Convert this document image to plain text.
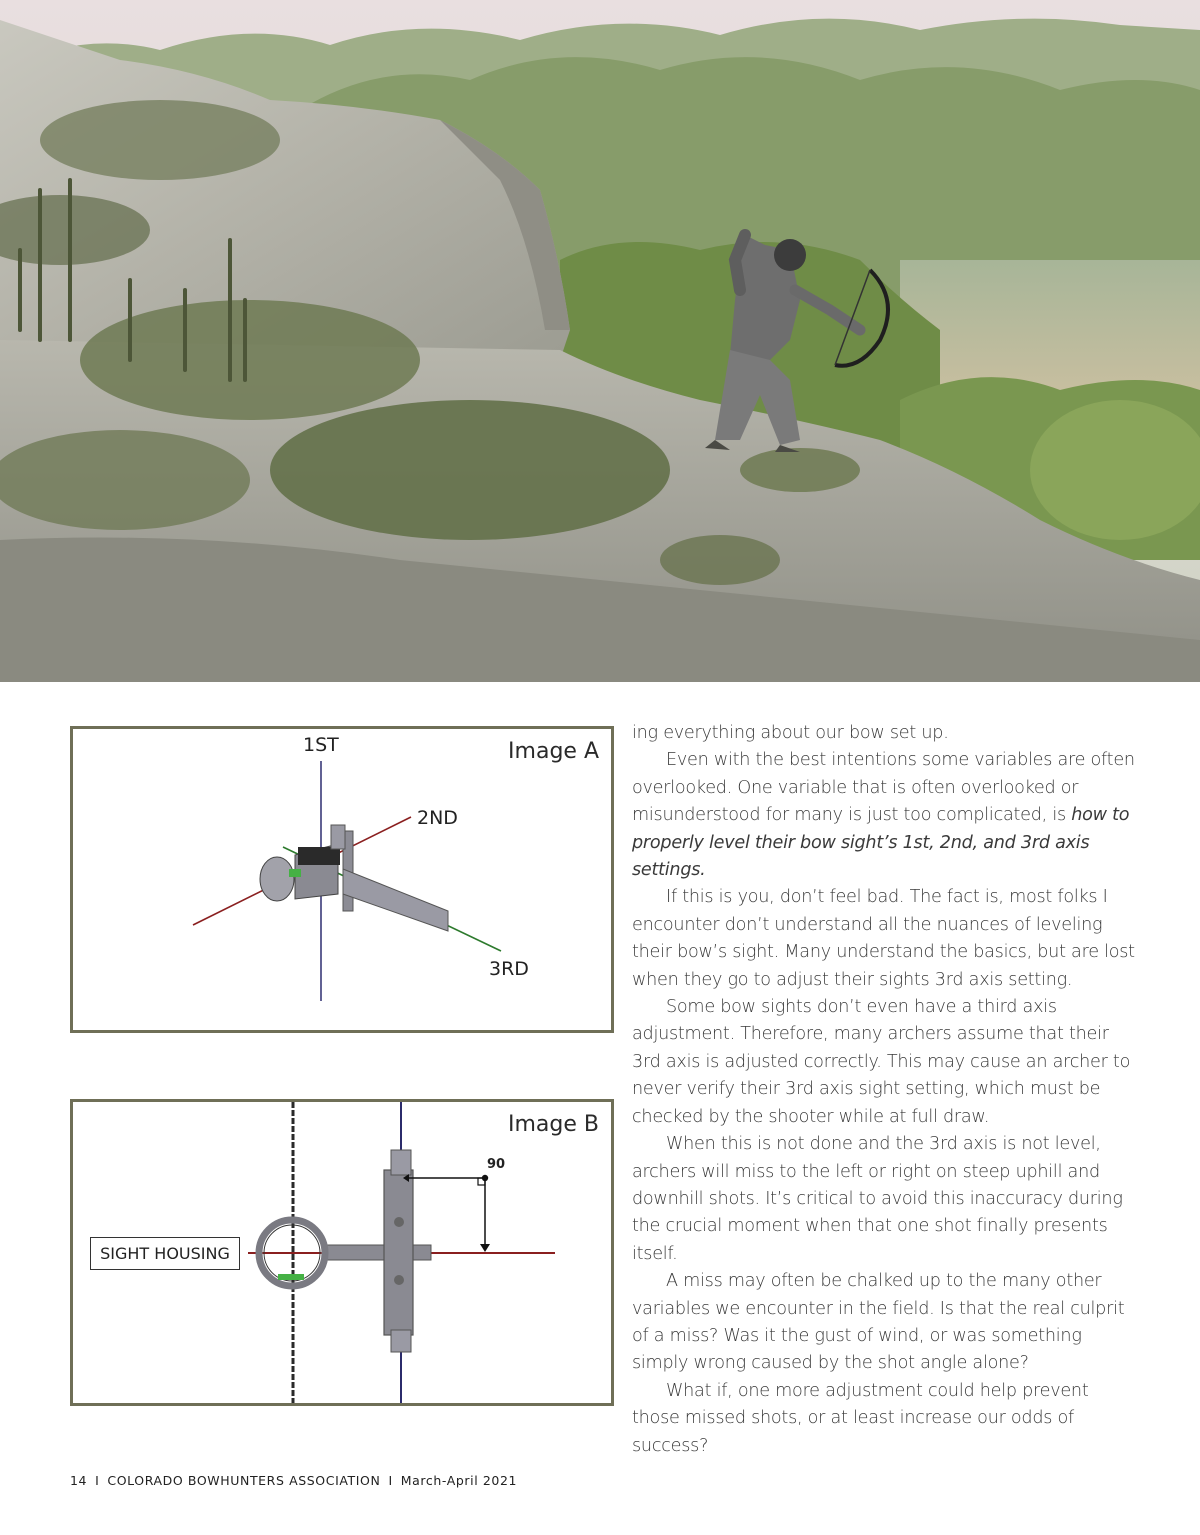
Image A
1ST
2ND
3RD
Image B
90
SIGHT HOUSING

ing everything about our bow set up.

Even with the best intentions some variables are often overlooked. One variable that is often overlooked or misunderstood for many is just too complicated, is how to properly level their bow sight’s 1st, 2nd, and 3rd axis settings.

If this is you, don’t feel bad. The fact is, most folks I encounter don’t understand all the nuances of leveling their bow’s sight. Many understand the basics, but are lost when they go to adjust their sights 3rd axis setting.

Some bow sights don’t even have a third axis adjustment. Therefore, many archers assume that their 3rd axis is adjusted correctly. This may cause an archer to never verify their 3rd axis sight setting, which must be checked by the shooter while at full draw.

When this is not done and the 3rd axis is not level, archers will miss to the left or right on steep uphill and downhill shots. It’s critical to avoid this inaccuracy during the crucial moment when that one shot finally presents itself.

A miss may often be chalked up to the many other variables we encounter in the field. Is that the real culprit of a miss? Was it the gust of wind, or was something simply wrong caused by the shot angle alone?

What if, one more adjustment could help prevent those missed shots, or at least increase our odds of success?

14 I COLORADO BOWHUNTERS ASSOCIATION I March-April 2021
